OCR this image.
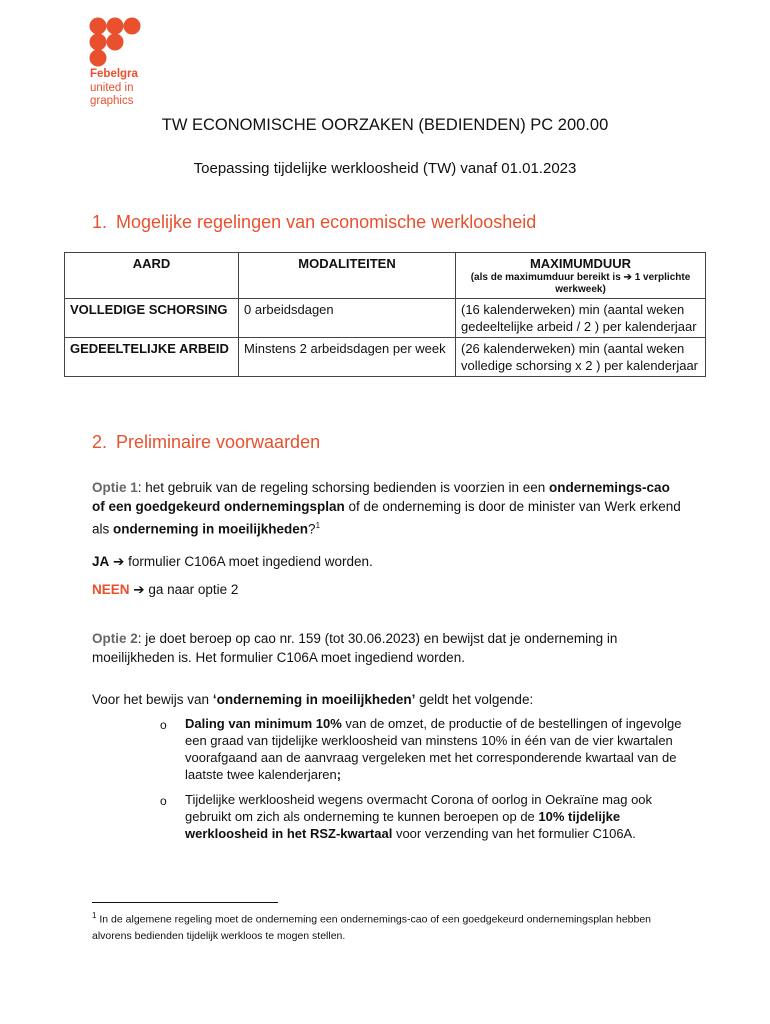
Febelgra
united in
graphics
TW ECONOMISCHE OORZAKEN (BEDIENDEN) PC 200.00
Toepassing tijdelijke werkloosheid (TW) vanaf 01.01.2023
1. Mogelijke regelingen van economische werkloosheid
AARD	MODALITEITEN	MAXIMUMDUUR
(als de maximumduur bereikt is ➔ 1 verplichte werkweek)

VOLLEDIGE SCHORSING	0 arbeidsdagen	(16 kalenderweken) min (aantal weken gedeeltelijke arbeid / 2 ) per kalenderjaar
GEDEELTELIJKE ARBEID	Minstens 2 arbeidsdagen per week	(26 kalenderweken) min (aantal weken volledige schorsing x 2 ) per kalenderjaar
2. Preliminaire voorwaarden
Optie 1: het gebruik van de regeling schorsing bedienden is voorzien in een ondernemings-cao of een goedgekeurd ondernemingsplan of de onderneming is door de minister van Werk erkend als onderneming in moeilijkheden?$^1$
JA ➔ formulier C106A moet ingediend worden.
NEEN ➔ ga naar optie 2
Optie 2: je doet beroep op cao nr. 159 (tot 30.06.2023) en bewijst dat je onderneming in moeilijkheden is. Het formulier C106A moet ingediend worden.
Voor het bewijs van ‘onderneming in moeilijkheden’ geldt het volgende:
o Daling van minimum 10% van de omzet, de productie of de bestellingen of ingevolge een graad van tijdelijke werkloosheid van minstens 10% in één van de vier kwartalen voorafgaand aan de aanvraag vergeleken met het corresponderende kwartaal van de laatste twee kalenderjaren;
o Tijdelijke werkloosheid wegens overmacht Corona of oorlog in Oekraïne mag ook gebruikt om zich als onderneming te kunnen beroepen op de 10% tijdelijke werkloosheid in het RSZ-kwartaal voor verzending van het formulier C106A.
$^1$ In de algemene regeling moet de onderneming een ondernemings-cao of een goedgekeurd ondernemingsplan hebben alvorens bedienden tijdelijk werkloos te mogen stellen.
